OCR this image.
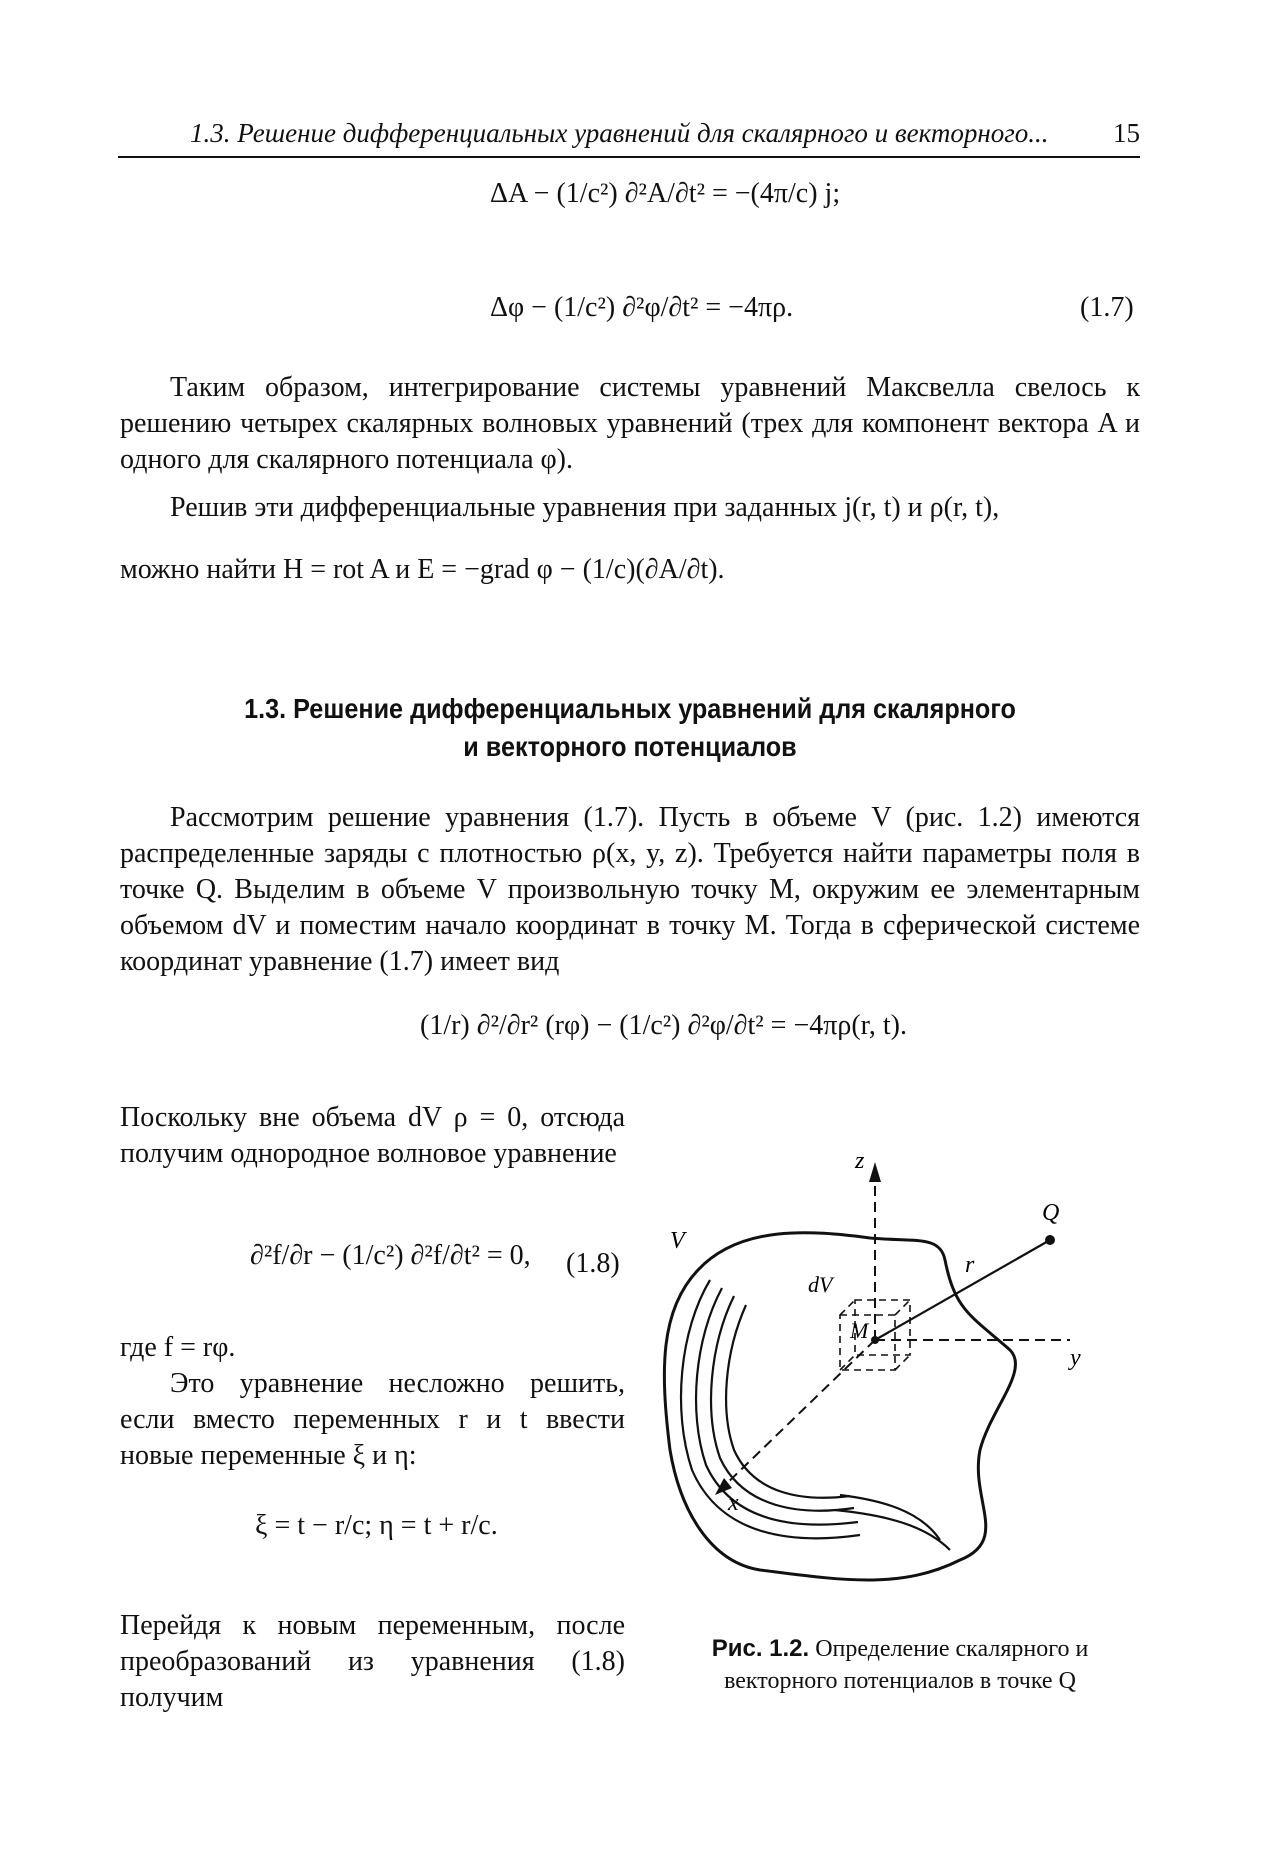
1.3. Решение дифференциальных уравнений для скалярного и векторного... 15
ΔA − (1/c²) ∂²A/∂t² = −(4π/c) j;
Δφ − (1/c²) ∂²φ/∂t² = −4πρ.	(1.7)
Таким образом, интегрирование системы уравнений Максвелла свелось к решению четырех скалярных волновых уравнений (трех для компонент вектора A и одного для скалярного потенциала φ).
Решив эти дифференциальные уравнения при заданных j(r, t) и ρ(r, t),
можно найти H = rot A и E = −grad φ − (1/c)(∂A/∂t).
1.3. Решение дифференциальных уравнений для скалярного
и векторного потенциалов
Рассмотрим решение уравнения (1.7). Пусть в объеме V (рис. 1.2) имеются распределенные заряды с плотностью ρ(x, y, z). Требуется найти параметры поля в точке Q. Выделим в объеме V произвольную точку M, окружим ее элементарным объемом dV и поместим начало координат в точку M. Тогда в сферической системе координат уравнение (1.7) имеет вид
(1/r) ∂²/∂r² (rφ) − (1/c²) ∂²φ/∂t² = −4πρ(r, t).
Поскольку вне объема dV ρ = 0, отсюда получим однородное волновое уравнение
∂²f/∂r − (1/c²) ∂²f/∂t² = 0, (1.8)
где f = rφ.
Это уравнение несложно решить, если вместо переменных r и t ввести новые переменные ξ и η:
ξ = t − r/c; η = t + r/c.
Перейдя к новым переменным, после преобразований из уравнения (1.8) получим
z
y
x
V
Q
r
dV
M
Рис. 1.2. Определение скалярного и векторного потенциалов в точке Q
